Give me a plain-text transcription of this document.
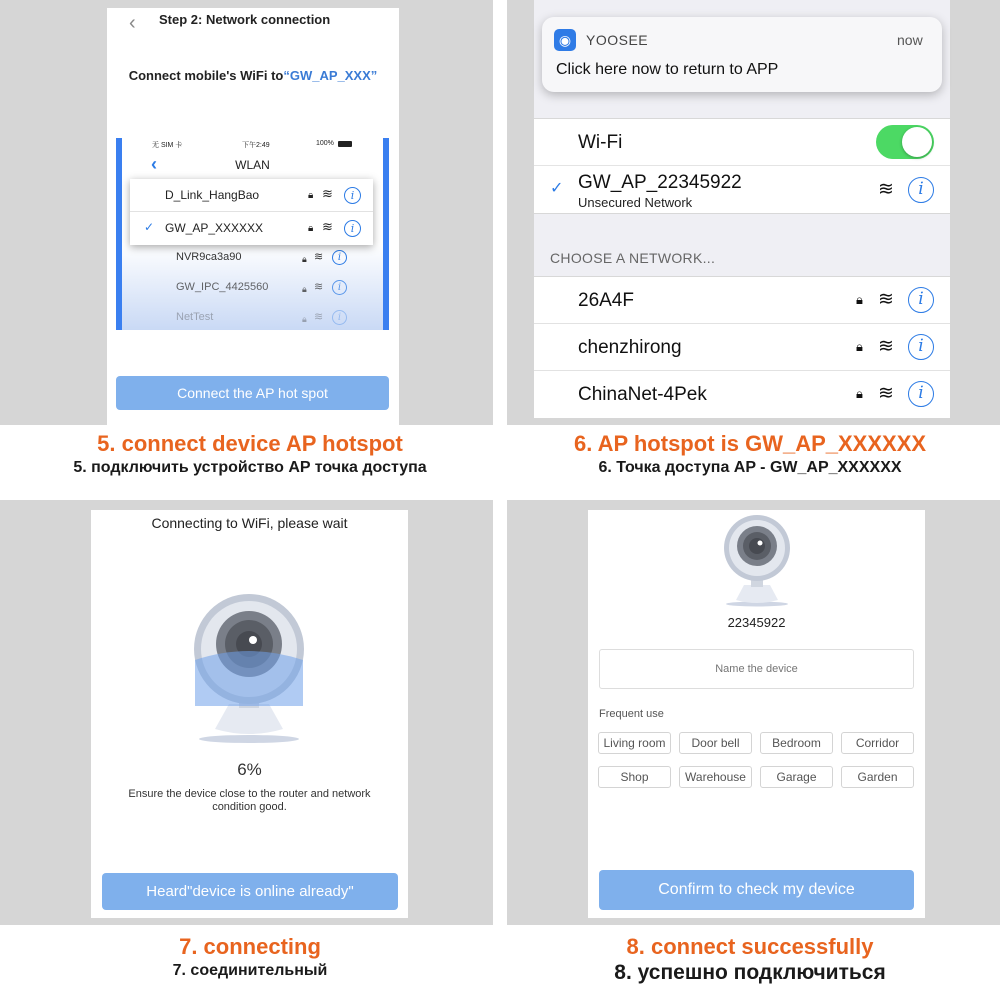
‹ Step 2: Network connection
Connect mobile's WiFi to“GW_AP_XXX”
无 SIM 卡	下午2:49	100%
‹	WLAN
NVR9ca3a90	🔒︎ ≋	i
GW_IPC_4425560	🔒︎ ≋	i
NetTest	🔒︎ ≋	i
D_Link_HangBao	🔒︎ ≋	i
✓ GW_AP_XXXXXX	🔒︎ ≋	i
Connect the AP hot spot
5. connect device AP hotspot
5. подключить устройство AP точка доступа
Wi-Fi
✓ GW_AP_22345922
Unsecured Network
≋	i
CHOOSE A NETWORK...
26A4F	🔒︎ ≋	i
chenzhirong	🔒︎ ≋	i
ChinaNet-4Pek	🔒︎ ≋	i
◉	YOOSEE	now
Click here now to return to APP
6. AP hotspot is GW_AP_XXXXXX
6. Точка доступа AP - GW_AP_XXXXXX
Connecting to WiFi, please wait
6%
Ensure the device close to the router and network condition good.
Heard"device is online already"
7. connecting
7. соединительный
22345922
Name the device
Frequent use
Living room	Door bell	Bedroom	Corridor
Shop	Warehouse	Garage	Garden
Confirm to check my device
8. connect successfully
8. успешно подключиться
